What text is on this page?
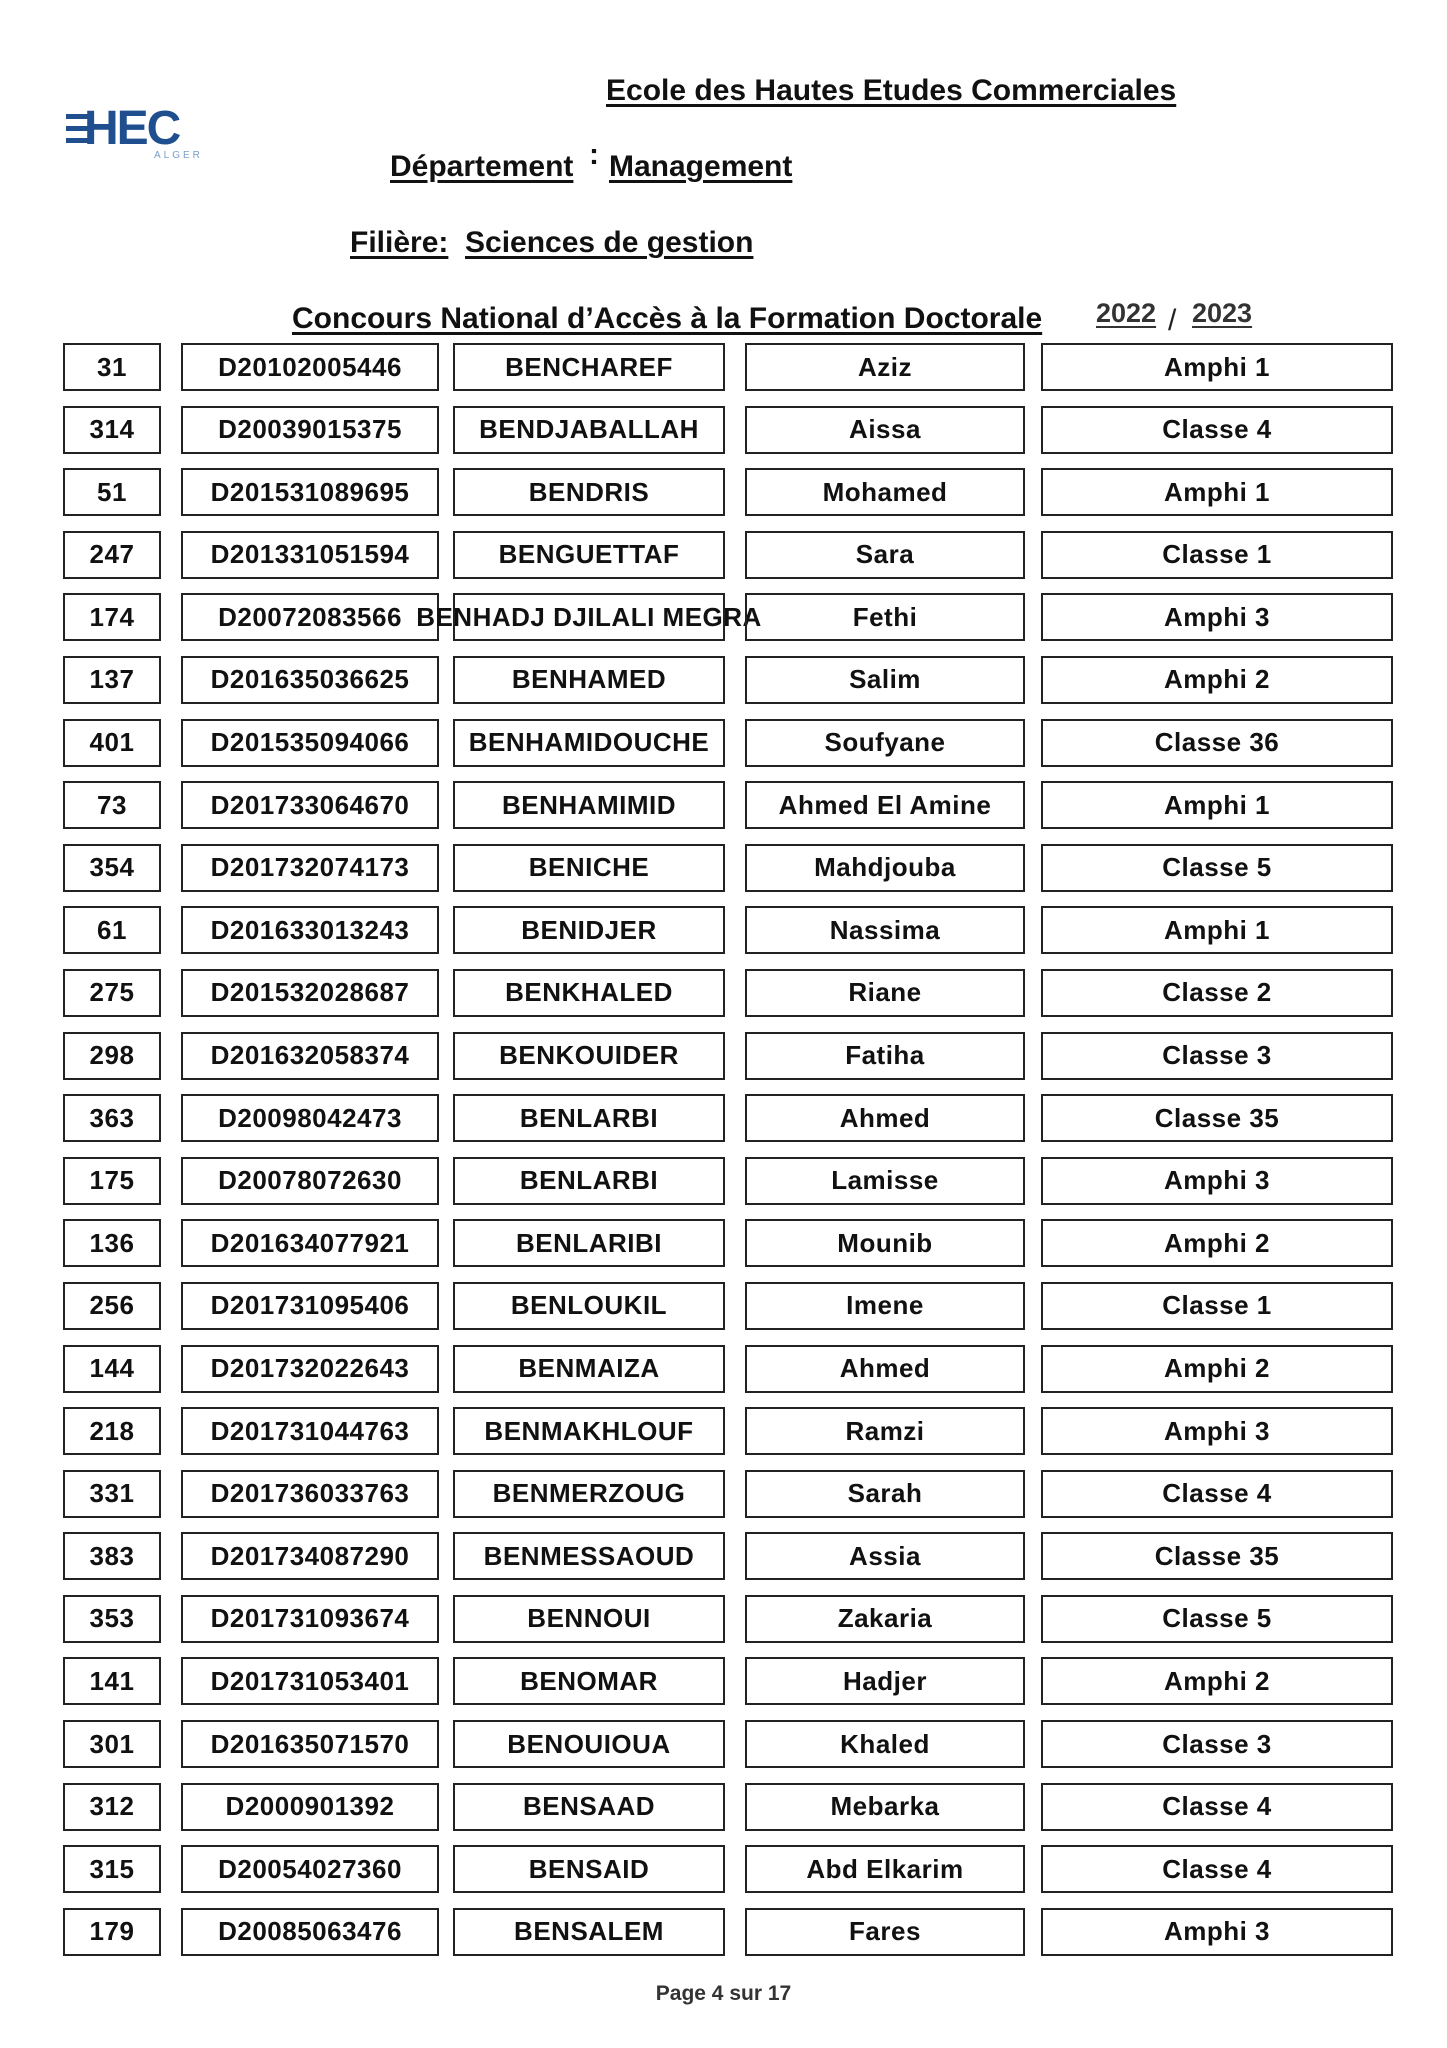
HEC
ALGER
Ecole des Hautes Etudes Commerciales
Département : Management
Filière: Sciences de gestion
Concours National d’Accès à la Formation Doctorale 2022 / 2023
31	D20102005446	BENCHAREF	Aziz	Amphi 1
314	D20039015375	BENDJABALLAH	Aissa	Classe 4
51	D201531089695	BENDRIS	Mohamed	Amphi 1
247	D201331051594	BENGUETTAF	Sara	Classe 1
174	D20072083566 BENHADJ DJILALI MEGRA	Fethi	Amphi 3
137	D201635036625	BENHAMED	Salim	Amphi 2
401	D201535094066	BENHAMIDOUCHE	Soufyane	Classe 36
73	D201733064670	BENHAMIMID	Ahmed El Amine	Amphi 1
354	D201732074173	BENICHE	Mahdjouba	Classe 5
61	D201633013243	BENIDJER	Nassima	Amphi 1
275	D201532028687	BENKHALED	Riane	Classe 2
298	D201632058374	BENKOUIDER	Fatiha	Classe 3
363	D20098042473	BENLARBI	Ahmed	Classe 35
175	D20078072630	BENLARBI	Lamisse	Amphi 3
136	D201634077921	BENLARIBI	Mounib	Amphi 2
256	D201731095406	BENLOUKIL	Imene	Classe 1
144	D201732022643	BENMAIZA	Ahmed	Amphi 2
218	D201731044763	BENMAKHLOUF	Ramzi	Amphi 3
331	D201736033763	BENMERZOUG	Sarah	Classe 4
383	D201734087290	BENMESSAOUD	Assia	Classe 35
353	D201731093674	BENNOUI	Zakaria	Classe 5
141	D201731053401	BENOMAR	Hadjer	Amphi 2
301	D201635071570	BENOUIOUA	Khaled	Classe 3
312	D2000901392	BENSAAD	Mebarka	Classe 4
315	D20054027360	BENSAID	Abd Elkarim	Classe 4
179	D20085063476	BENSALEM	Fares	Amphi 3
Page 4 sur 17
